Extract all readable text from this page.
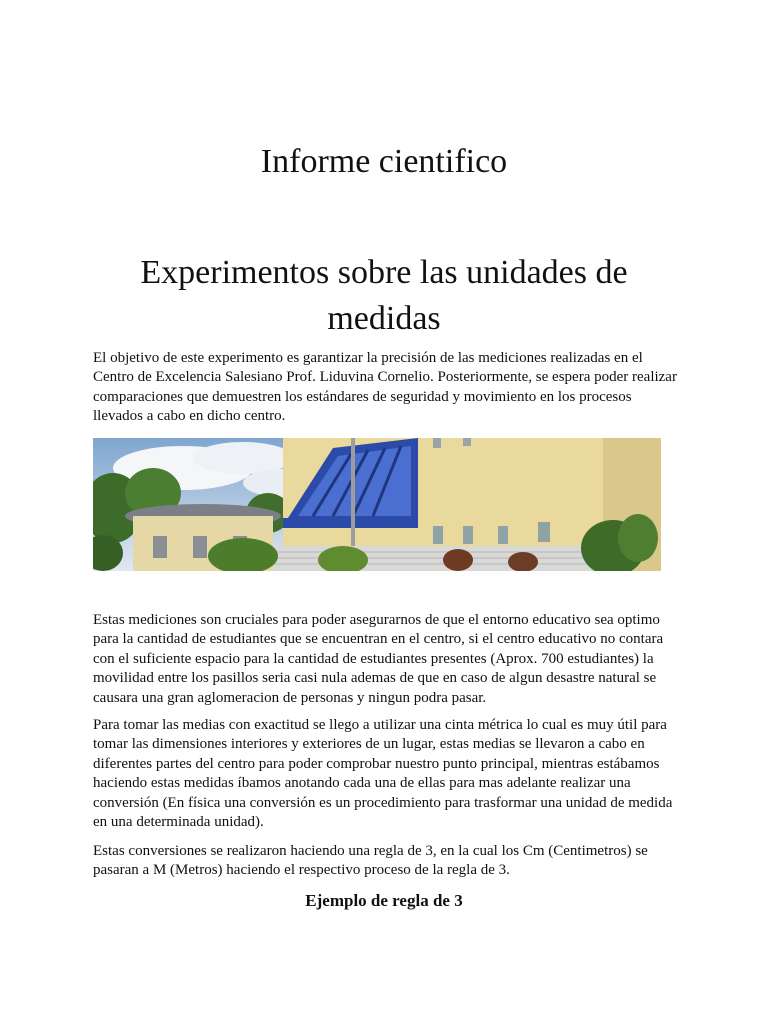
Informe cientifico
Experimentos sobre las unidades de medidas

El objetivo de este experimento es garantizar la precisión de las mediciones realizadas en el Centro de Excelencia Salesiano Prof. Liduvina Cornelio. Posteriormente, se espera poder realizar comparaciones que demuestren los estándares de seguridad y movimiento en los procesos llevados a cabo en dicho centro.

Estas mediciones son cruciales para poder asegurarnos de que el entorno educativo sea optimo para la cantidad de estudiantes que se encuentran en el centro, si el centro educativo no contara con el suficiente espacio para la cantidad de estudiantes presentes (Aprox. 700 estudiantes) la movilidad entre los pasillos seria casi nula ademas de que en caso de algun desastre natural se causara una gran aglomeracion de personas y ningun podra pasar.

Para tomar las medias con exactitud se llego a utilizar una cinta métrica lo cual es muy útil para tomar las dimensiones interiores y exteriores de un lugar, estas medias se llevaron a cabo en diferentes partes del centro para poder comprobar nuestro punto principal, mientras estábamos haciendo estas medidas íbamos anotando cada una de ellas para mas adelante realizar una conversión (En física una conversión es un procedimiento para trasformar una unidad de medida en una determinada unidad).

Estas conversiones se realizaron haciendo una regla de 3, en la cual los Cm (Centimetros) se pasaran a M (Metros) haciendo el respectivo proceso de la regla de 3.

Ejemplo de regla de 3
